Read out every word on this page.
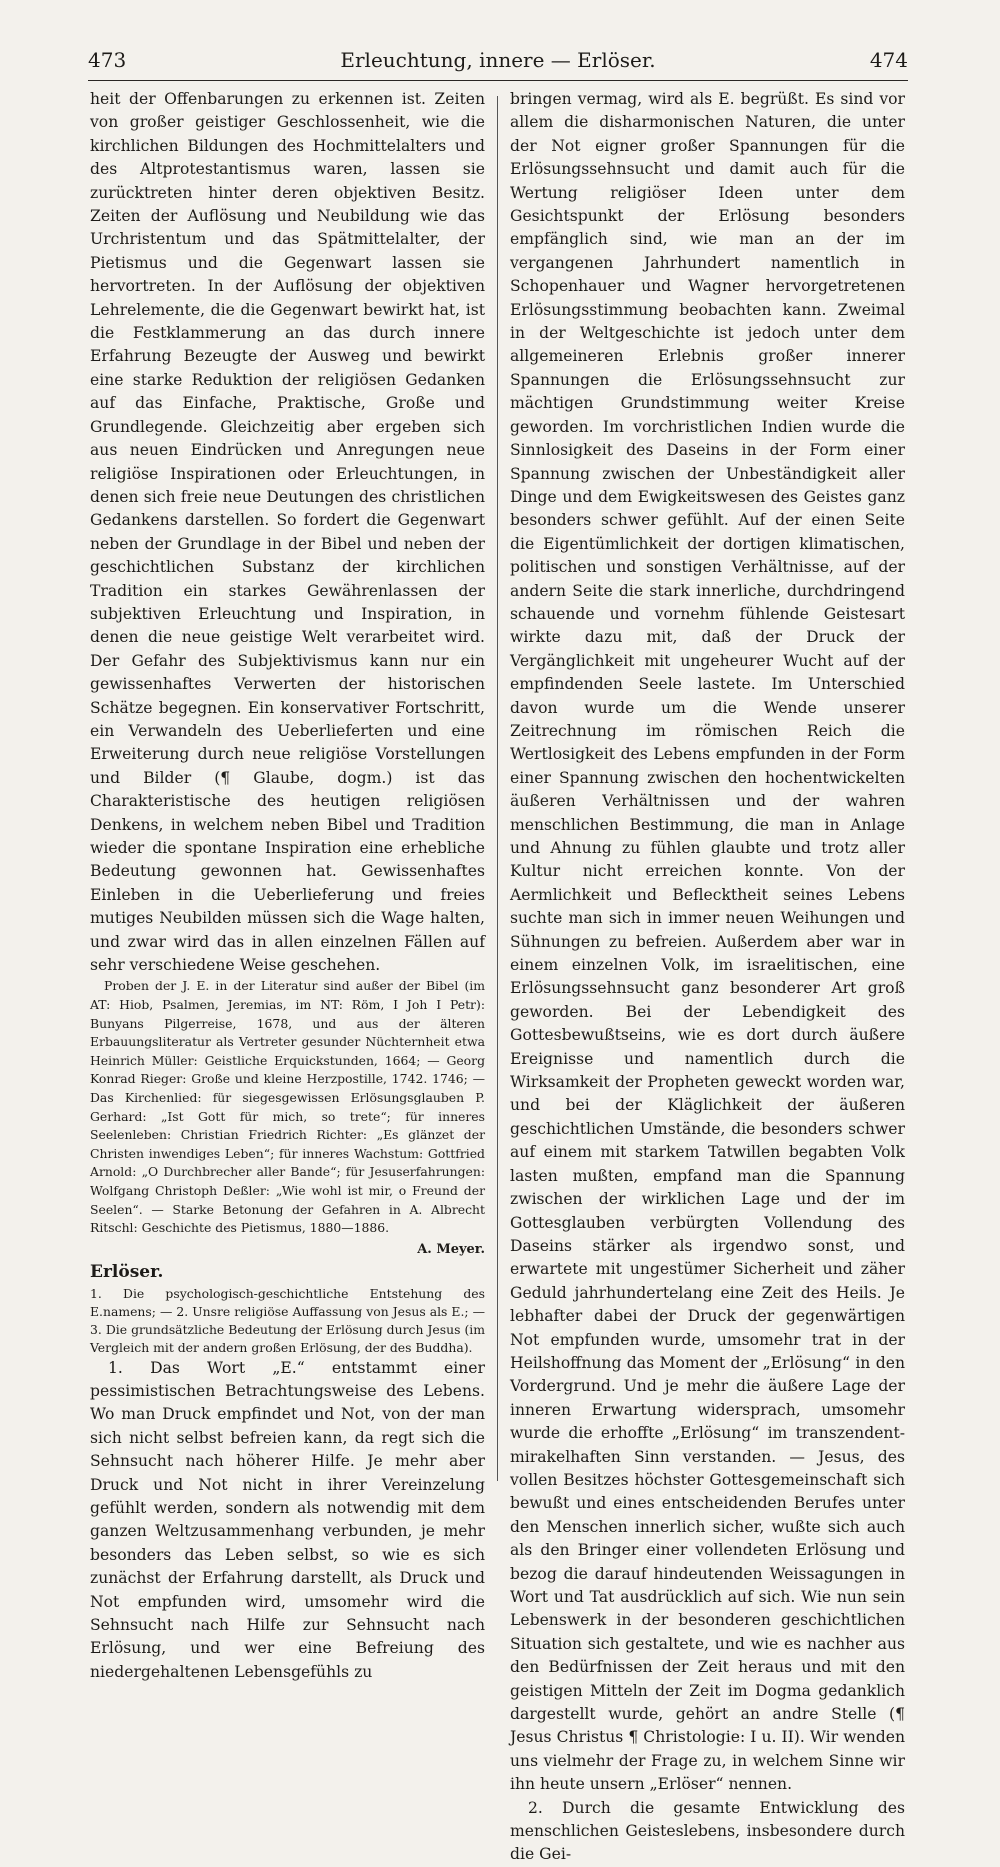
473	Erleuchtung, innere — Erlöser.	474

heit der Offenbarungen zu erkennen ist. Zeiten von großer geistiger Geschlossenheit, wie die kirchlichen Bildungen des Hochmittelalters und des Altprotestantismus waren, lassen sie zurücktreten hinter deren objektiven Besitz. Zeiten der Auflösung und Neubildung wie das Urchristentum und das Spätmittelalter, der Pietismus und die Gegenwart lassen sie hervortreten. In der Auflösung der objektiven Lehrelemente, die die Gegenwart bewirkt hat, ist die Festklammerung an das durch innere Erfahrung Bezeugte der Ausweg und bewirkt eine starke Reduktion der religiösen Gedanken auf das Einfache, Praktische, Große und Grundlegende. Gleichzeitig aber ergeben sich aus neuen Eindrücken und Anregungen neue religiöse Inspirationen oder Erleuchtungen, in denen sich freie neue Deutungen des christlichen Gedankens darstellen. So fordert die Gegenwart neben der Grundlage in der Bibel und neben der geschichtlichen Substanz der kirchlichen Tradition ein starkes Gewährenlassen der subjektiven Erleuchtung und Inspiration, in denen die neue geistige Welt verarbeitet wird. Der Gefahr des Subjektivismus kann nur ein gewissenhaftes Verwerten der historischen Schätze begegnen. Ein konservativer Fortschritt, ein Verwandeln des Ueberlieferten und eine Erweiterung durch neue religiöse Vorstellungen und Bilder (¶ Glaube, dogm.) ist das Charakteristische des heutigen religiösen Denkens, in welchem neben Bibel und Tradition wieder die spontane Inspiration eine erhebliche Bedeutung gewonnen hat. Gewissenhaftes Einleben in die Ueberlieferung und freies mutiges Neubilden müssen sich die Wage halten, und zwar wird das in allen einzelnen Fällen auf sehr verschiedene Weise geschehen.

Proben der J. E. in der Literatur sind außer der Bibel (im AT: Hiob, Psalmen, Jeremias, im NT: Röm, I Joh I Petr): Bunyans Pilgerreise, 1678, und aus der älteren Erbauungsliteratur als Vertreter gesunder Nüchternheit etwa Heinrich Müller: Geistliche Erquickstunden, 1664; — Georg Konrad Rieger: Große und kleine Herzpostille, 1742. 1746; — Das Kirchenlied: für siegesgewissen Erlösungsglauben P. Gerhard: „Ist Gott für mich, so trete“; für inneres Seelenleben: Christian Friedrich Richter: „Es glänzet der Christen inwendiges Leben“; für inneres Wachstum: Gottfried Arnold: „O Durchbrecher aller Bande“; für Jesuserfahrungen: Wolfgang Christoph Deßler: „Wie wohl ist mir, o Freund der Seelen“. — Starke Betonung der Gefahren in A. Albrecht Ritschl: Geschichte des Pietismus, 1880—1886.

A. Meyer.

Erlöser.

1. Die psychologisch-geschichtliche Entstehung des E.namens; — 2. Unsre religiöse Auffassung von Jesus als E.; — 3. Die grundsätzliche Bedeutung der Erlösung durch Jesus (im Vergleich mit der andern großen Erlösung, der des Buddha).

1. Das Wort „E.“ entstammt einer pessimistischen Betrachtungsweise des Lebens. Wo man Druck empfindet und Not, von der man sich nicht selbst befreien kann, da regt sich die Sehnsucht nach höherer Hilfe. Je mehr aber Druck und Not nicht in ihrer Vereinzelung gefühlt werden, sondern als notwendig mit dem ganzen Weltzusammenhang verbunden, je mehr besonders das Leben selbst, so wie es sich zunächst der Erfahrung darstellt, als Druck und Not empfunden wird, umsomehr wird die Sehnsucht nach Hilfe zur Sehnsucht nach Erlösung, und wer eine Befreiung des niedergehaltenen Lebensgefühls zu

bringen vermag, wird als E. begrüßt. Es sind vor allem die disharmonischen Naturen, die unter der Not eigner großer Spannungen für die Erlösungssehnsucht und damit auch für die Wertung religiöser Ideen unter dem Gesichtspunkt der Erlösung besonders empfänglich sind, wie man an der im vergangenen Jahrhundert namentlich in Schopenhauer und Wagner hervorgetretenen Erlösungsstimmung beobachten kann. Zweimal in der Weltgeschichte ist jedoch unter dem allgemeineren Erlebnis großer innerer Spannungen die Erlösungssehnsucht zur mächtigen Grundstimmung weiter Kreise geworden. Im vorchristlichen Indien wurde die Sinnlosigkeit des Daseins in der Form einer Spannung zwischen der Unbeständigkeit aller Dinge und dem Ewigkeitswesen des Geistes ganz besonders schwer gefühlt. Auf der einen Seite die Eigentümlichkeit der dortigen klimatischen, politischen und sonstigen Verhältnisse, auf der andern Seite die stark innerliche, durchdringend schauende und vornehm fühlende Geistesart wirkte dazu mit, daß der Druck der Vergänglichkeit mit ungeheurer Wucht auf der empfindenden Seele lastete. Im Unterschied davon wurde um die Wende unserer Zeitrechnung im römischen Reich die Wertlosigkeit des Lebens empfunden in der Form einer Spannung zwischen den hochentwickelten äußeren Verhältnissen und der wahren menschlichen Bestimmung, die man in Anlage und Ahnung zu fühlen glaubte und trotz aller Kultur nicht erreichen konnte. Von der Aermlichkeit und Beflecktheit seines Lebens suchte man sich in immer neuen Weihungen und Sühnungen zu befreien. Außerdem aber war in einem einzelnen Volk, im israelitischen, eine Erlösungssehnsucht ganz besonderer Art groß geworden. Bei der Lebendigkeit des Gottesbewußtseins, wie es dort durch äußere Ereignisse und namentlich durch die Wirksamkeit der Propheten geweckt worden war, und bei der Kläglichkeit der äußeren geschichtlichen Umstände, die besonders schwer auf einem mit starkem Tatwillen begabten Volk lasten mußten, empfand man die Spannung zwischen der wirklichen Lage und der im Gottesglauben verbürgten Vollendung des Daseins stärker als irgendwo sonst, und erwartete mit ungestümer Sicherheit und zäher Geduld jahrhundertelang eine Zeit des Heils. Je lebhafter dabei der Druck der gegenwärtigen Not empfunden wurde, umsomehr trat in der Heilshoffnung das Moment der „Erlösung“ in den Vordergrund. Und je mehr die äußere Lage der inneren Erwartung widersprach, umsomehr wurde die erhoffte „Erlösung“ im transzendent-mirakelhaften Sinn verstanden. — Jesus, des vollen Besitzes höchster Gottesgemeinschaft sich bewußt und eines entscheidenden Berufes unter den Menschen innerlich sicher, wußte sich auch als den Bringer einer vollendeten Erlösung und bezog die darauf hindeutenden Weissagungen in Wort und Tat ausdrücklich auf sich. Wie nun sein Lebenswerk in der besonderen geschichtlichen Situation sich gestaltete, und wie es nachher aus den Bedürfnissen der Zeit heraus und mit den geistigen Mitteln der Zeit im Dogma gedanklich dargestellt wurde, gehört an andre Stelle (¶ Jesus Christus ¶ Christologie: I u. II). Wir wenden uns vielmehr der Frage zu, in welchem Sinne wir ihn heute unsern „Erlöser“ nennen.

2. Durch die gesamte Entwicklung des menschlichen Geisteslebens, insbesondere durch die Gei-
